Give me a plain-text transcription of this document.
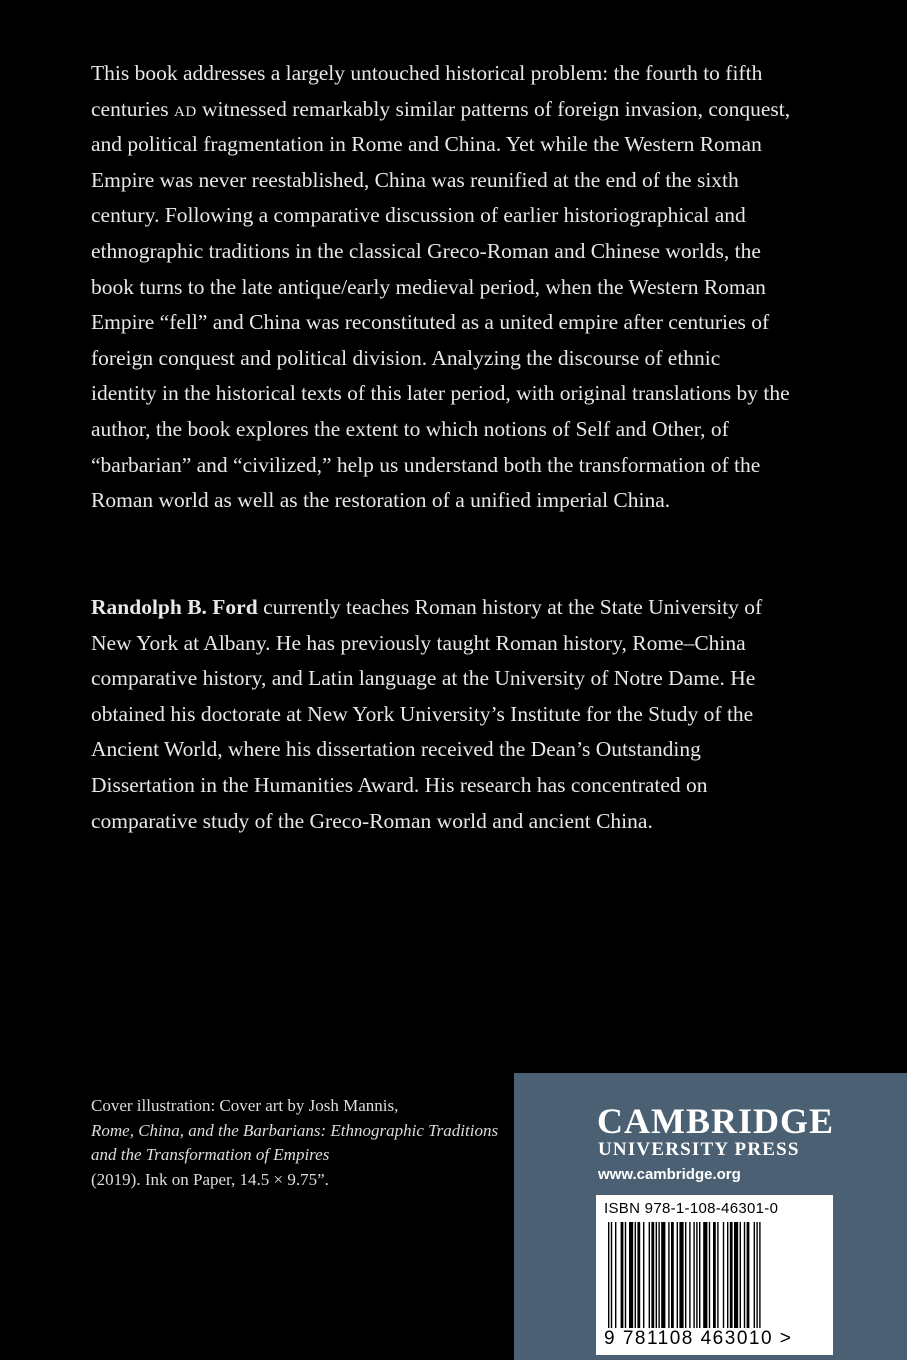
This book addresses a largely untouched historical problem: the fourth to fifth centuries ad witnessed remarkably similar patterns of foreign invasion, conquest, and political fragmentation in Rome and China. Yet while the Western Roman Empire was never reestablished, China was reunified at the end of the sixth century. Following a comparative discussion of earlier historiographical and ethnographic traditions in the classical Greco-Roman and Chinese worlds, the book turns to the late antique/early medieval period, when the Western Roman Empire “fell” and China was reconstituted as a united empire after centuries of foreign conquest and political division. Analyzing the discourse of ethnic identity in the historical texts of this later period, with original translations by the author, the book explores the extent to which notions of Self and Other, of “barbarian” and “civilized,” help us understand both the transformation of the Roman world as well as the restoration of a unified imperial China.

Randolph B. Ford currently teaches Roman history at the State University of New York at Albany. He has previously taught Roman history, Rome–China comparative history, and Latin language at the University of Notre Dame. He obtained his doctorate at New York University’s Institute for the Study of the Ancient World, where his dissertation received the Dean’s Outstanding Dissertation in the Humanities Award. His research has concentrated on comparative study of the Greco-Roman world and ancient China.

Cover illustration: Cover art by Josh Mannis,
Rome, China, and the Barbarians: Ethnographic Traditions and the Transformation of Empires
(2019). Ink on Paper, 14.5 × 9.75”.

CAMBRIDGE

UNIVERSITY PRESS

www.cambridge.org

ISBN 978-1-108-46301-0

9 781108 463010 >
